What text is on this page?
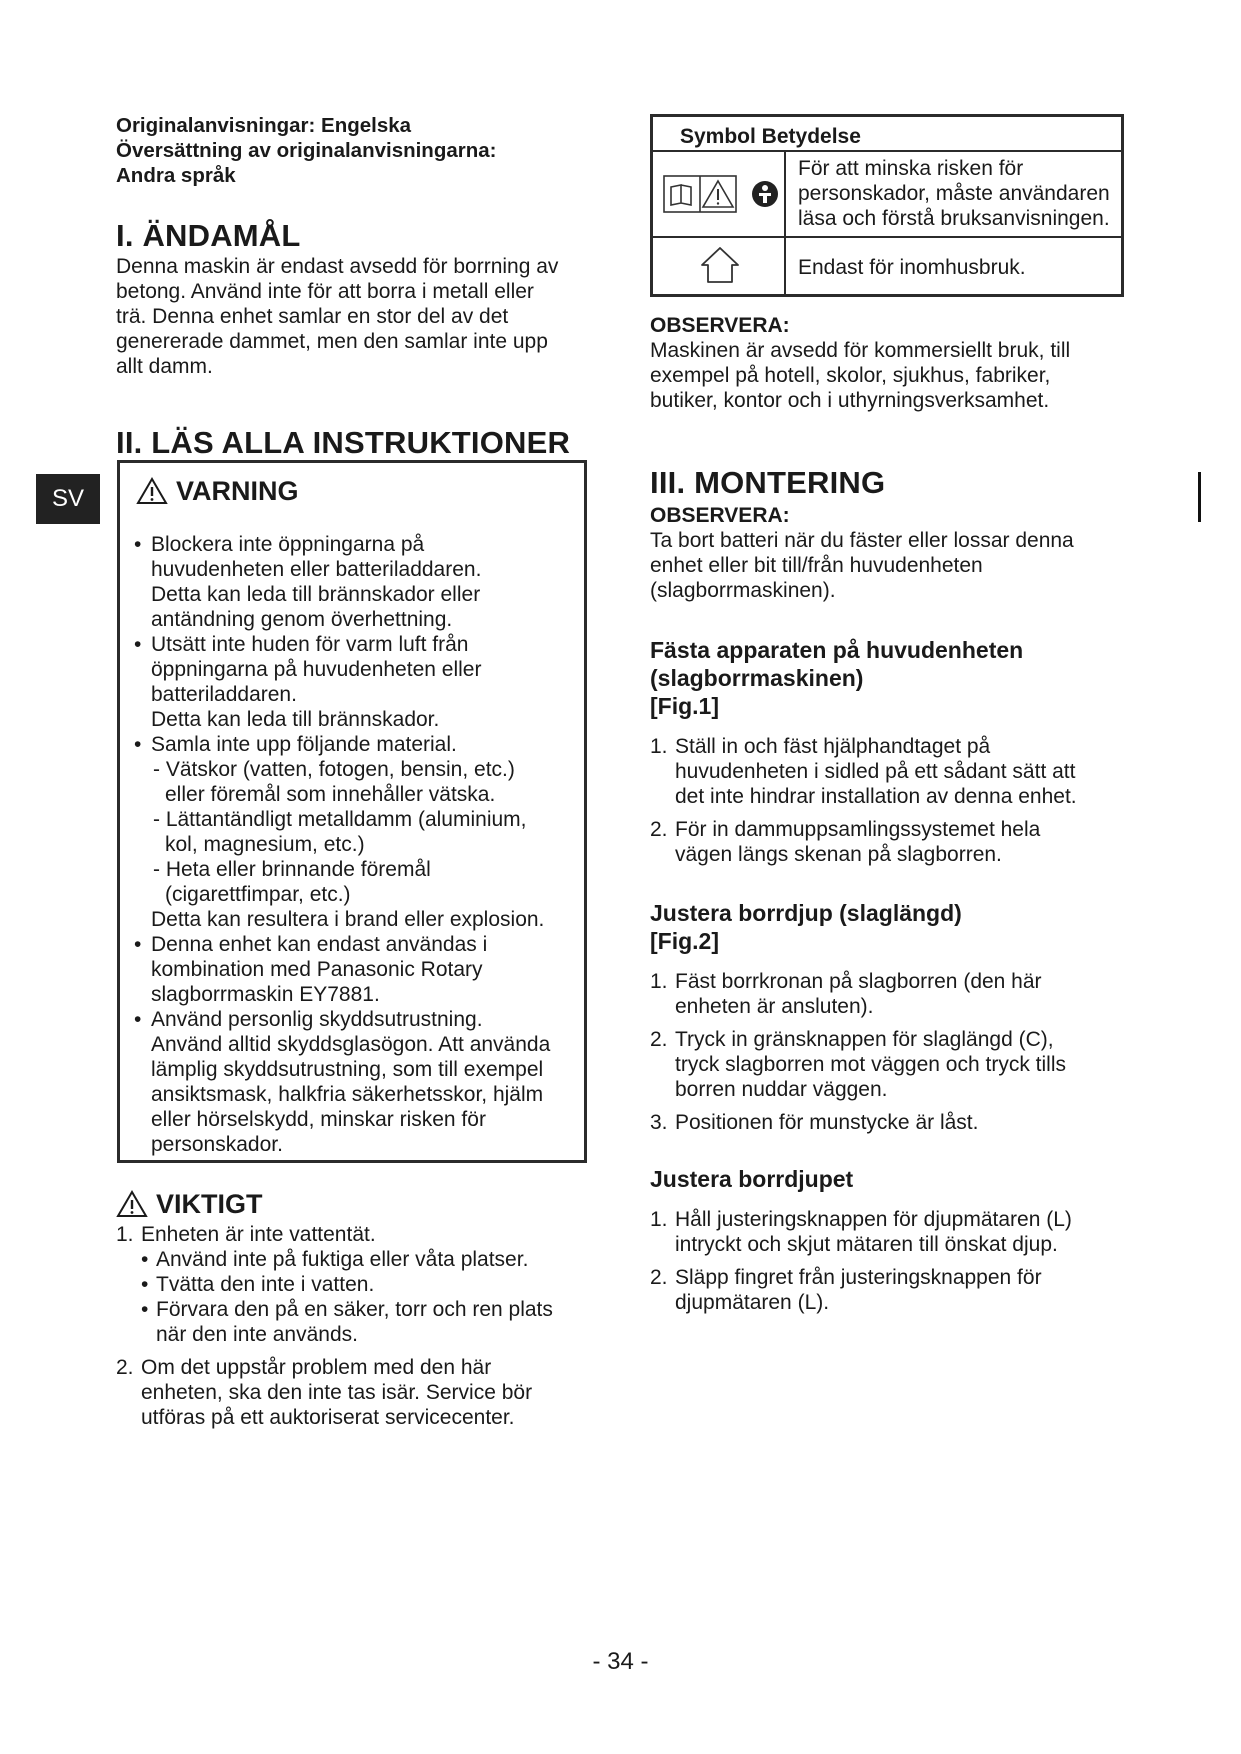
SV
Originalanvisningar: Engelska
Översättning av originalanvisningarna:
Andra språk
I. ÄNDAMÅL

Denna maskin är endast avsedd för borrning av

betong. Använd inte för att borra i metall eller

trä. Denna enhet samlar en stor del av det

genererade dammet, men den samlar inte upp

allt damm.

II. LÄS ALLA INSTRUKTIONER
VARNING

• Blockera inte öppningarna på

huvudenheten eller batteriladdaren.

Detta kan leda till brännskador eller

antändning genom överhettning.

• Utsätt inte huden för varm luft från

öppningarna på huvudenheten eller

batteriladdaren.

Detta kan leda till brännskador.

• Samla inte upp följande material.

- Vätskor (vatten, fotogen, bensin, etc.)

eller föremål som innehåller vätska.

- Lättantändligt metalldamm (aluminium,

kol, magnesium, etc.)

- Heta eller brinnande föremål

(cigarettfimpar, etc.)

Detta kan resultera i brand eller explosion.

• Denna enhet kan endast användas i

kombination med Panasonic Rotary

slagborrmaskin EY7881.

• Använd personlig skyddsutrustning.

Använd alltid skyddsglasögon. Att använda

lämplig skyddsutrustning, som till exempel

ansiktsmask, halkfria säkerhetsskor, hjälm

eller hörselskydd, minskar risken för

personskador.

VIKTIGT
1. Enheten är inte vattentät.

• Använd inte på fuktiga eller våta platser.

• Tvätta den inte i vatten.

• Förvara den på en säker, torr och ren plats

när den inte används.

2. Om det uppstår problem med den här

enheten, ska den inte tas isär. Service bör

utföras på ett auktoriserat servicecenter.

Symbol Betydelse

För att minska risken för

personskador, måste användaren

läsa och förstå bruksanvisningen.

Endast för inomhusbruk.
OBSERVERA:

Maskinen är avsedd för kommersiellt bruk, till

exempel på hotell, skolor, sjukhus, fabriker,

butiker, kontor och i uthyrningsverksamhet.

III. MONTERING
OBSERVERA:

Ta bort batteri när du fäster eller lossar denna

enhet eller bit till/från huvudenheten

(slagborrmaskinen).

Fästa apparaten på huvudenheten

(slagborrmaskinen)

[Fig.1]

1. Ställ in och fäst hjälphandtaget på

huvudenheten i sidled på ett sådant sätt att

det inte hindrar installation av denna enhet.

2. För in dammuppsamlingssystemet hela

vägen längs skenan på slagborren.

Justera borrdjup (slaglängd)

[Fig.2]

1. Fäst borrkronan på slagborren (den här

enheten är ansluten).

2. Tryck in gränsknappen för slaglängd (C),

tryck slagborren mot väggen och tryck tills

borren nuddar väggen.

3. Positionen för munstycke är låst.

Justera borrdjupet
1. Håll justeringsknappen för djupmätaren (L)

intryckt och skjut mätaren till önskat djup.

2. Släpp fingret från justeringsknappen för

djupmätaren (L).

- 34 -
